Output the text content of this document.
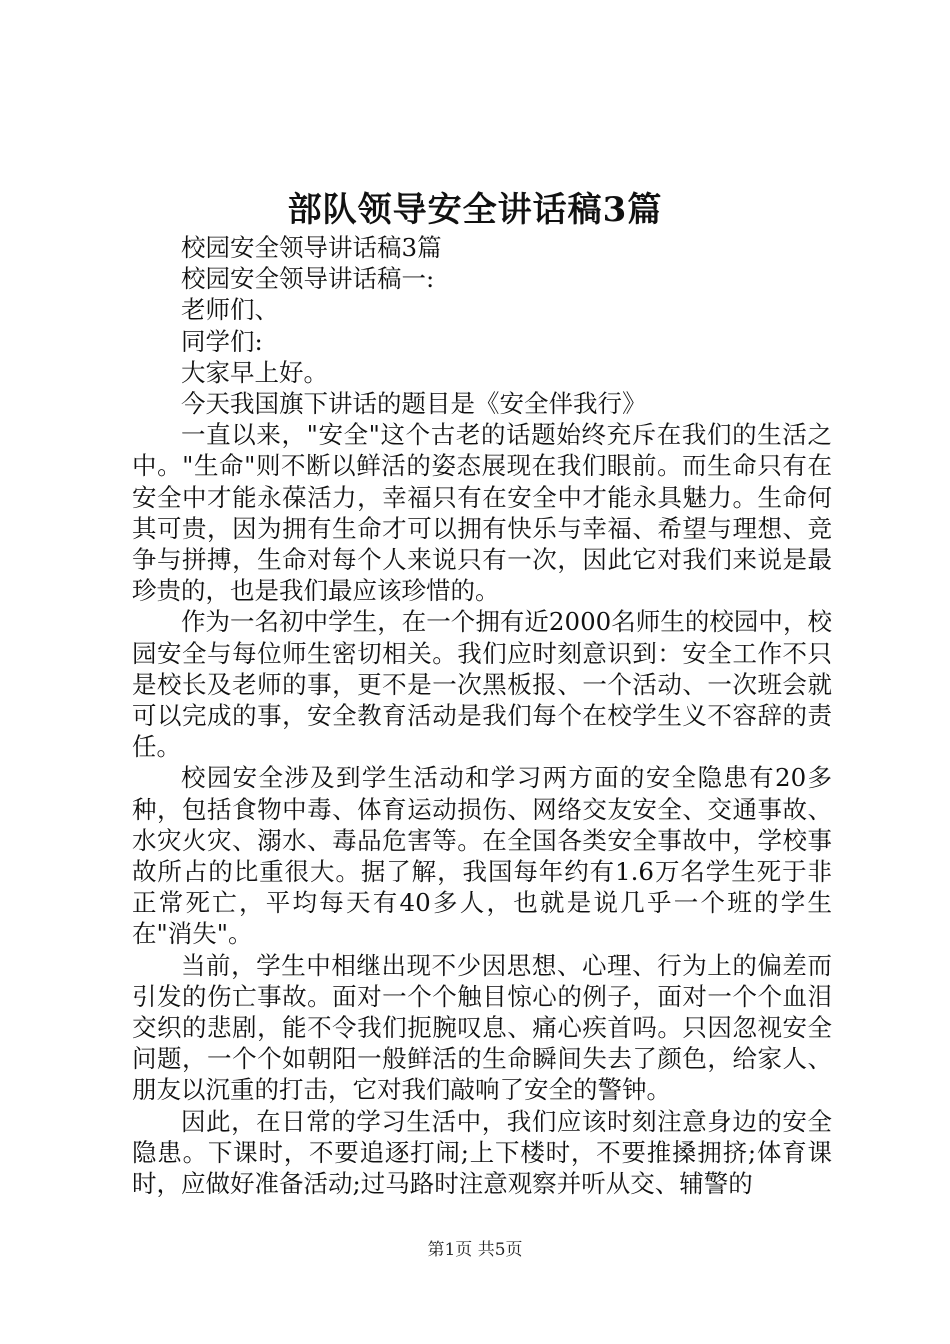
部队领导安全讲话稿3篇

校园安全领导讲话稿3篇

校园安全领导讲话稿一:

老师们、

同学们:

大家早上好。

今天我国旗下讲话的题目是《安全伴我行》

一直以来，"安全"这个古老的话题始终充斥在我们的生活之中。"生命"则不断以鲜活的姿态展现在我们眼前。而生命只有在安全中才能永葆活力，幸福只有在安全中才能永具魅力。生命何其可贵，因为拥有生命才可以拥有快乐与幸福、希望与理想、竞争与拼搏，生命对每个人来说只有一次，因此它对我们来说是最珍贵的，也是我们最应该珍惜的。

作为一名初中学生，在一个拥有近2000名师生的校园中，校园安全与每位师生密切相关。我们应时刻意识到：安全工作不只是校长及老师的事，更不是一次黑板报、一个活动、一次班会就可以完成的事，安全教育活动是我们每个在校学生义不容辞的责任。

校园安全涉及到学生活动和学习两方面的安全隐患有20多种，包括食物中毒、体育运动损伤、网络交友安全、交通事故、水灾火灾、溺水、毒品危害等。在全国各类安全事故中，学校事故所占的比重很大。据了解，我国每年约有1.6万名学生死于非正常死亡，平均每天有40多人，也就是说几乎一个班的学生在"消失"。

当前，学生中相继出现不少因思想、心理、行为上的偏差而引发的伤亡事故。面对一个个触目惊心的例子，面对一个个血泪交织的悲剧，能不令我们扼腕叹息、痛心疾首吗。只因忽视安全问题，一个个如朝阳一般鲜活的生命瞬间失去了颜色，给家人、朋友以沉重的打击，它对我们敲响了安全的警钟。

因此，在日常的学习生活中，我们应该时刻注意身边的安全隐患。下课时，不要追逐打闹;上下楼时，不要推搡拥挤;体育课时，应做好准备活动;过马路时注意观察并听从交、辅警的

第1页 共5页
